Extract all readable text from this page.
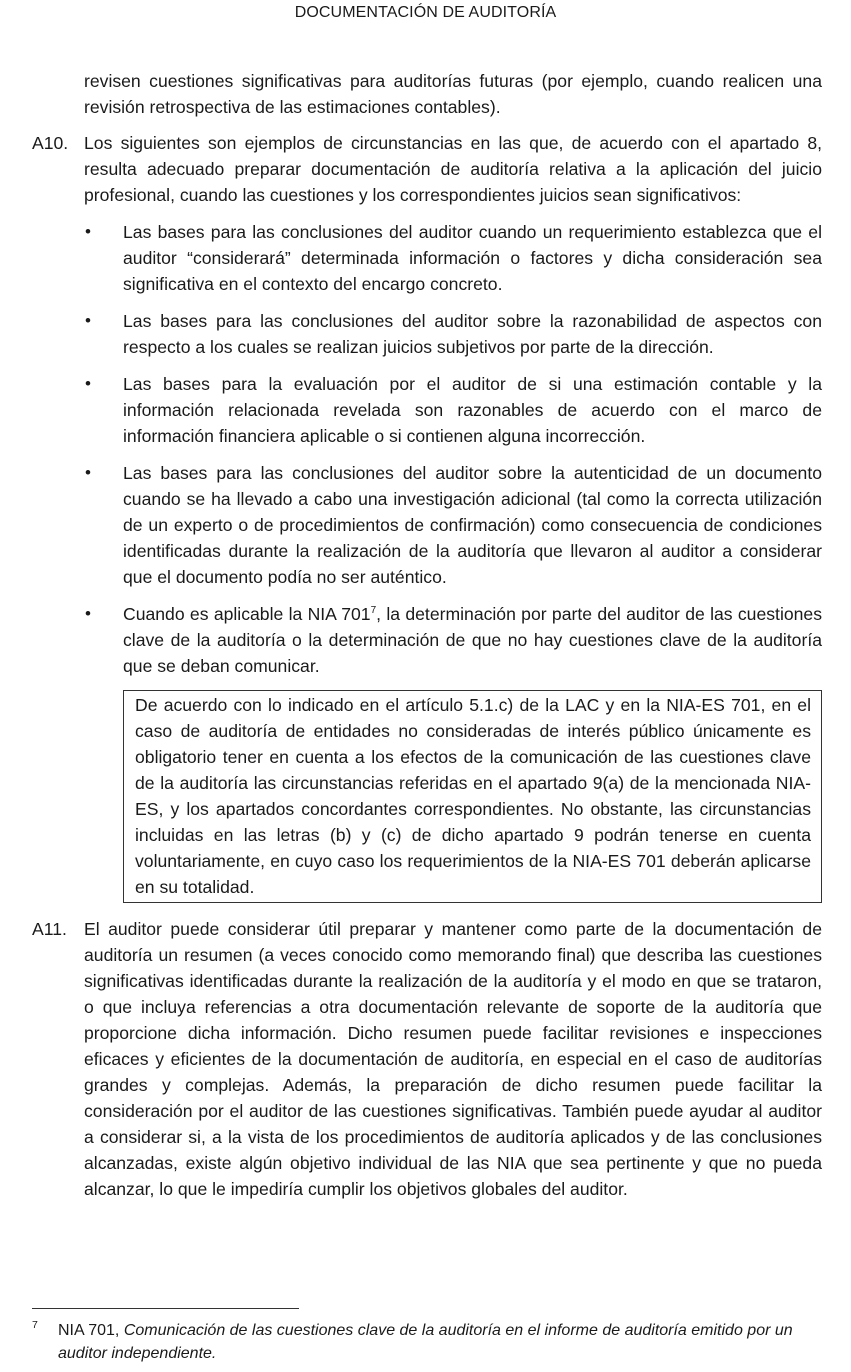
DOCUMENTACIÓN DE AUDITORÍA

revisen cuestiones significativas para auditorías futuras (por ejemplo, cuando realicen una revisión retrospectiva de las estimaciones contables).

A10. Los siguientes son ejemplos de circunstancias en las que, de acuerdo con el apartado 8, resulta adecuado preparar documentación de auditoría relativa a la aplicación del juicio profesional, cuando las cuestiones y los correspondientes juicios sean significativos:
• Las bases para las conclusiones del auditor cuando un requerimiento establezca que el auditor “considerará” determinada información o factores y dicha consideración sea significativa en el contexto del encargo concreto.
• Las bases para las conclusiones del auditor sobre la razonabilidad de aspectos con respecto a los cuales se realizan juicios subjetivos por parte de la dirección.
• Las bases para la evaluación por el auditor de si una estimación contable y la información relacionada revelada son razonables de acuerdo con el marco de información financiera aplicable o si contienen alguna incorrección.
• Las bases para las conclusiones del auditor sobre la autenticidad de un documento cuando se ha llevado a cabo una investigación adicional (tal como la correcta utilización de un experto o de procedimientos de confirmación) como consecuencia de condiciones identificadas durante la realización de la auditoría que llevaron al auditor a considerar que el documento podía no ser auténtico.
• Cuando es aplicable la NIA $701^7$, la determinación por parte del auditor de las cuestiones clave de la auditoría o la determinación de que no hay cuestiones clave de la auditoría que se deban comunicar.
De acuerdo con lo indicado en el artículo 5.1.c) de la LAC y en la NIA-ES 701, en el caso de auditoría de entidades no consideradas de interés público únicamente es obligatorio tener en cuenta a los efectos de la comunicación de las cuestiones clave de la auditoría las circunstancias referidas en el apartado 9(a) de la mencionada NIA-ES, y los apartados concordantes correspondientes. No obstante, las circunstancias incluidas en las letras (b) y (c) de dicho apartado 9 podrán tenerse en cuenta voluntariamente, en cuyo caso los requerimientos de la NIA-ES 701 deberán aplicarse en su totalidad.
A11. El auditor puede considerar útil preparar y mantener como parte de la documentación de auditoría un resumen (a veces conocido como memorando final) que describa las cuestiones significativas identificadas durante la realización de la auditoría y el modo en que se trataron, o que incluya referencias a otra documentación relevante de soporte de la auditoría que proporcione dicha información. Dicho resumen puede facilitar revisiones e inspecciones eficaces y eficientes de la documentación de auditoría, en especial en el caso de auditorías grandes y complejas. Además, la preparación de dicho resumen puede facilitar la consideración por el auditor de las cuestiones significativas. También puede ayudar al auditor a considerar si, a la vista de los procedimientos de auditoría aplicados y de las conclusiones alcanzadas, existe algún objetivo individual de las NIA que sea pertinente y que no pueda alcanzar, lo que le impediría cumplir los objetivos globales del auditor.
7 NIA 701, Comunicación de las cuestiones clave de la auditoría en el informe de auditoría emitido por un auditor independiente.
